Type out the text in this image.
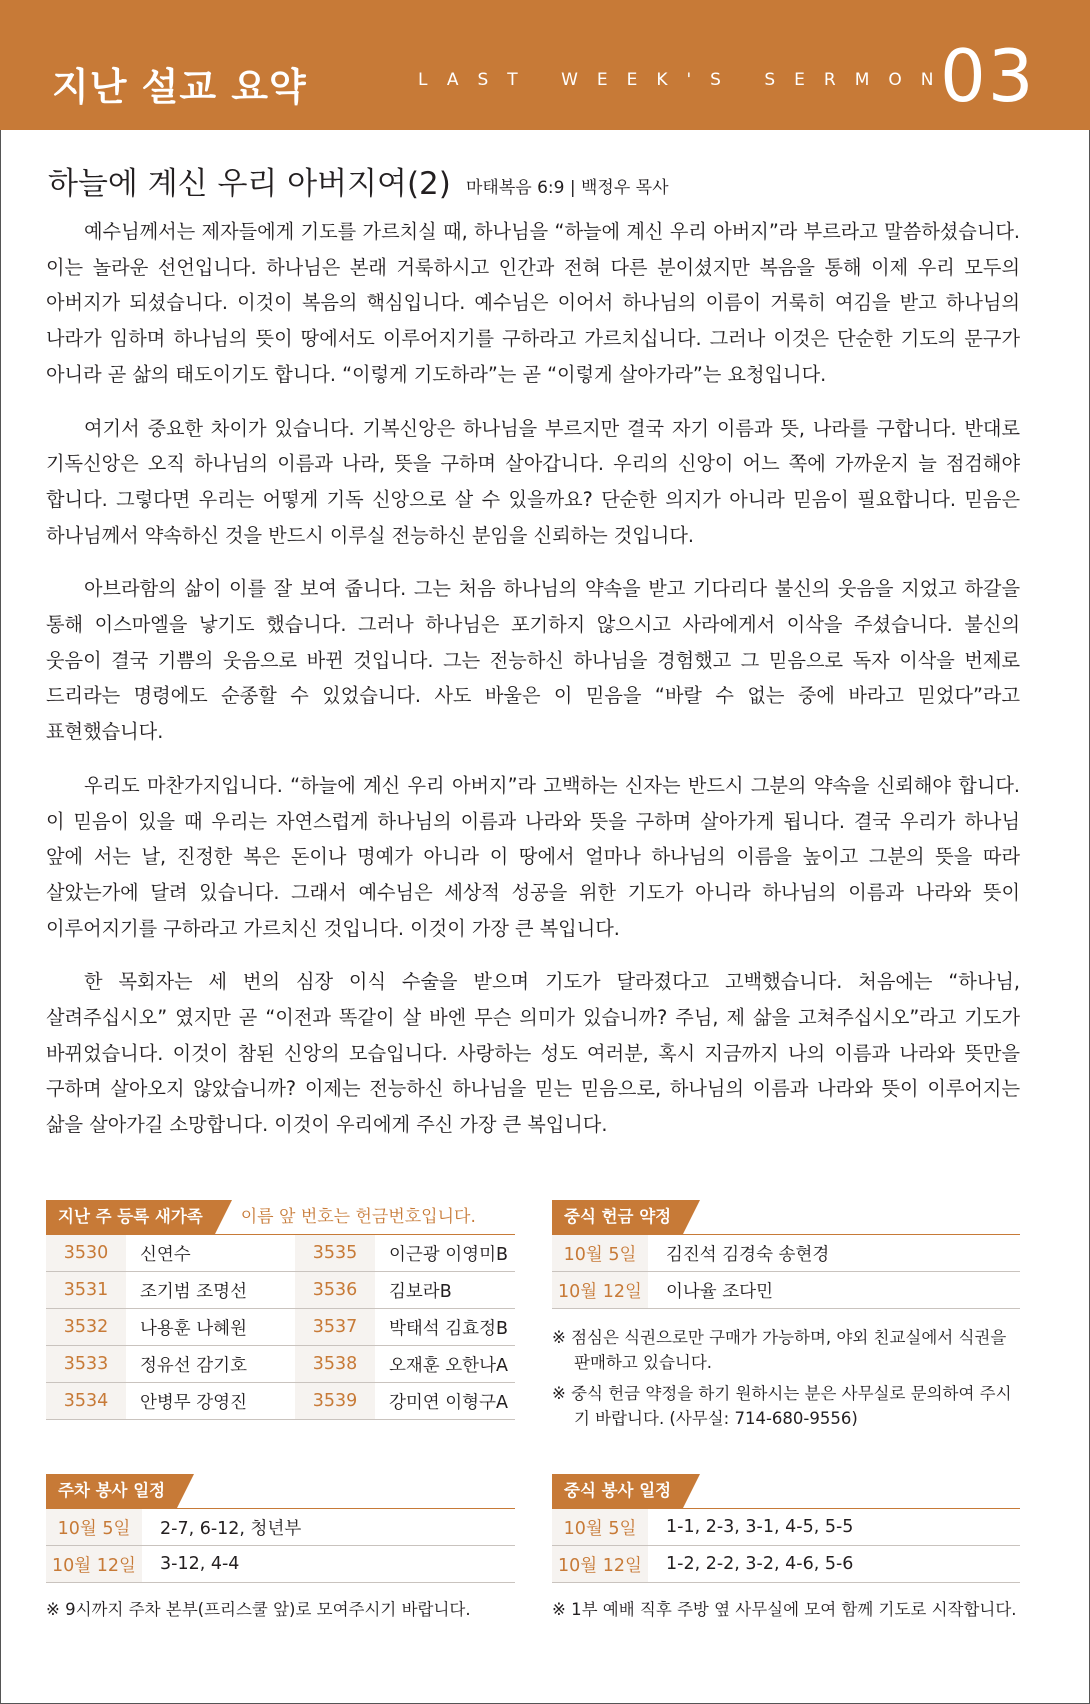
지난 설교 요약	LAST WEEK'S SERMON
03
하늘에 계신 우리 아버지여(2) 마태복음 6:9 | 백정우 목사

예수님께서는 제자들에게 기도를 가르치실 때, 하나님을 “하늘에 계신 우리 아버지”라 부르라고 말씀하셨습니다. 이는 놀라운 선언입니다. 하나님은 본래 거룩하시고 인간과 전혀 다른 분이셨지만 복음을 통해 이제 우리 모두의 아버지가 되셨습니다. 이것이 복음의 핵심입니다. 예수님은 이어서 하나님의 이름이 거룩히 여김을 받고 하나님의 나라가 임하며 하나님의 뜻이 땅에서도 이루어지기를 구하라고 가르치십니다. 그러나 이것은 단순한 기도의 문구가 아니라 곧 삶의 태도이기도 합니다. “이렇게 기도하라”는 곧 “이렇게 살아가라”는 요청입니다.

여기서 중요한 차이가 있습니다. 기복신앙은 하나님을 부르지만 결국 자기 이름과 뜻, 나라를 구합니다. 반대로 기독신앙은 오직 하나님의 이름과 나라, 뜻을 구하며 살아갑니다. 우리의 신앙이 어느 쪽에 가까운지 늘 점검해야 합니다. 그렇다면 우리는 어떻게 기독 신앙으로 살 수 있을까요? 단순한 의지가 아니라 믿음이 필요합니다. 믿음은 하나님께서 약속하신 것을 반드시 이루실 전능하신 분임을 신뢰하는 것입니다.

아브라함의 삶이 이를 잘 보여 줍니다. 그는 처음 하나님의 약속을 받고 기다리다 불신의 웃음을 지었고 하갈을 통해 이스마엘을 낳기도 했습니다. 그러나 하나님은 포기하지 않으시고 사라에게서 이삭을 주셨습니다. 불신의 웃음이 결국 기쁨의 웃음으로 바뀐 것입니다. 그는 전능하신 하나님을 경험했고 그 믿음으로 독자 이삭을 번제로 드리라는 명령에도 순종할 수 있었습니다. 사도 바울은 이 믿음을 “바랄 수 없는 중에 바라고 믿었다”라고 표현했습니다.

우리도 마찬가지입니다. “하늘에 계신 우리 아버지”라 고백하는 신자는 반드시 그분의 약속을 신뢰해야 합니다. 이 믿음이 있을 때 우리는 자연스럽게 하나님의 이름과 나라와 뜻을 구하며 살아가게 됩니다. 결국 우리가 하나님 앞에 서는 날, 진정한 복은 돈이나 명예가 아니라 이 땅에서 얼마나 하나님의 이름을 높이고 그분의 뜻을 따라 살았는가에 달려 있습니다. 그래서 예수님은 세상적 성공을 위한 기도가 아니라 하나님의 이름과 나라와 뜻이 이루어지기를 구하라고 가르치신 것입니다. 이것이 가장 큰 복입니다.

한 목회자는 세 번의 심장 이식 수술을 받으며 기도가 달라졌다고 고백했습니다. 처음에는 “하나님, 살려주십시오” 였지만 곧 “이전과 똑같이 살 바엔 무슨 의미가 있습니까? 주님, 제 삶을 고쳐주십시오”라고 기도가 바뀌었습니다. 이것이 참된 신앙의 모습입니다. 사랑하는 성도 여러분, 혹시 지금까지 나의 이름과 나라와 뜻만을 구하며 살아오지 않았습니까? 이제는 전능하신 하나님을 믿는 믿음으로, 하나님의 이름과 나라와 뜻이 이루어지는 삶을 살아가길 소망합니다. 이것이 우리에게 주신 가장 큰 복입니다.

지난 주 등록 새가족 이름 앞 번호는 헌금번호입니다.
3530	신연수	3535	이근광 이영미B
3531	조기범 조명선	3536	김보라B
3532	나용훈 나혜원	3537	박태석 김효정B
3533	정유선 감기호	3538	오재훈 오한나A
3534	안병무 강영진	3539	강미연 이형구A
중식 헌금 약정
10월 5일	김진석 김경숙 송현경
10월 12일	이나율 조다민

※ 점심은 식권으로만 구매가 가능하며, 야외 친교실에서 식권을 판매하고 있습니다.

※ 중식 헌금 약정을 하기 원하시는 분은 사무실로 문의하여 주시기 바랍니다. (사무실: 714-680-9556)

주차 봉사 일정
10월 5일	2-7, 6-12, 청년부
10월 12일	3-12, 4-4
※ 9시까지 주차 본부(프리스쿨 앞)로 모여주시기 바랍니다.
중식 봉사 일정
10월 5일	1-1, 2-3, 3-1, 4-5, 5-5
10월 12일	1-2, 2-2, 3-2, 4-6, 5-6
※ 1부 예배 직후 주방 옆 사무실에 모여 함께 기도로 시작합니다.
